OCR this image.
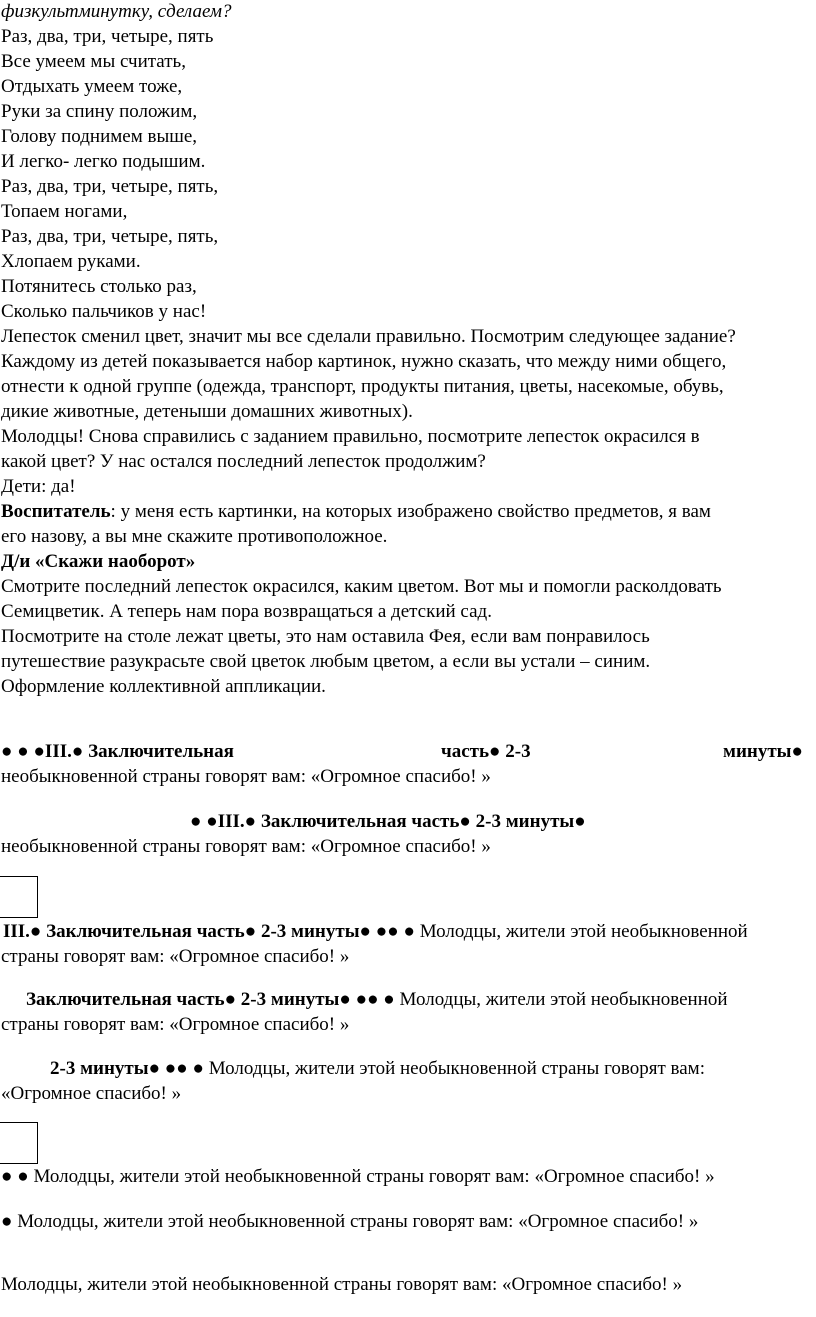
физкультминутку, сделаем?
Раз, два, три, четыре, пять
Все умеем мы считать,
Отдыхать умеем тоже,
Руки за спину положим,
Голову поднимем выше,
И легко- легко подышим.
Раз, два, три, четыре, пять,
Топаем ногами,
Раз, два, три, четыре, пять,
Хлопаем руками.
Потянитесь столько раз,
Сколько пальчиков у нас!
Лепесток сменил цвет, значит мы все сделали правильно. Посмотрим следующее задание?
Каждому из детей показывается набор картинок, нужно сказать, что между ними общего,
отнести к одной группе (одежда, транспорт, продукты питания, цветы, насекомые, обувь,
дикие животные, детеныши домашних животных).
Молодцы! Снова справились с заданием правильно, посмотрите лепесток окрасился в
какой цвет? У нас остался последний лепесток продолжим?
Дети: да!
Воспитатель: у меня есть картинки, на которых изображено свойство предметов, я вам
его назову, а вы мне скажите противоположное.
Д/и «Скажи наоборот»
Смотрите последний лепесток окрасился, каким цветом. Вот мы и помогли расколдовать
Семицветик. А теперь нам пора возвращаться а детский сад.
Посмотрите на столе лежат цветы, это нам оставила Фея, если вам понравилось
путешествие разукрасьте свой цветок любым цветом, а если вы устали – синим.
Оформление коллективной аппликации.
● ● ●III.● Заключительная	часть● 2-3	минуты●
необыкновенной страны говорят вам: «Огромное спасибо! »
● ●III.● Заключительная часть● 2-3 минуты●
необыкновенной страны говорят вам: «Огромное спасибо! »
III.● Заключительная часть● 2-3 минуты● ●● ● Молодцы, жители этой необыкновенной
страны говорят вам: «Огромное спасибо! »
Заключительная часть● 2-3 минуты● ●● ● Молодцы, жители этой необыкновенной
страны говорят вам: «Огромное спасибо! »
2-3 минуты● ●● ● Молодцы, жители этой необыкновенной страны говорят вам:
«Огромное спасибо! »
● ● Молодцы, жители этой необыкновенной страны говорят вам: «Огромное спасибо! »
● Молодцы, жители этой необыкновенной страны говорят вам: «Огромное спасибо! »
Молодцы, жители этой необыкновенной страны говорят вам: «Огромное спасибо! »
